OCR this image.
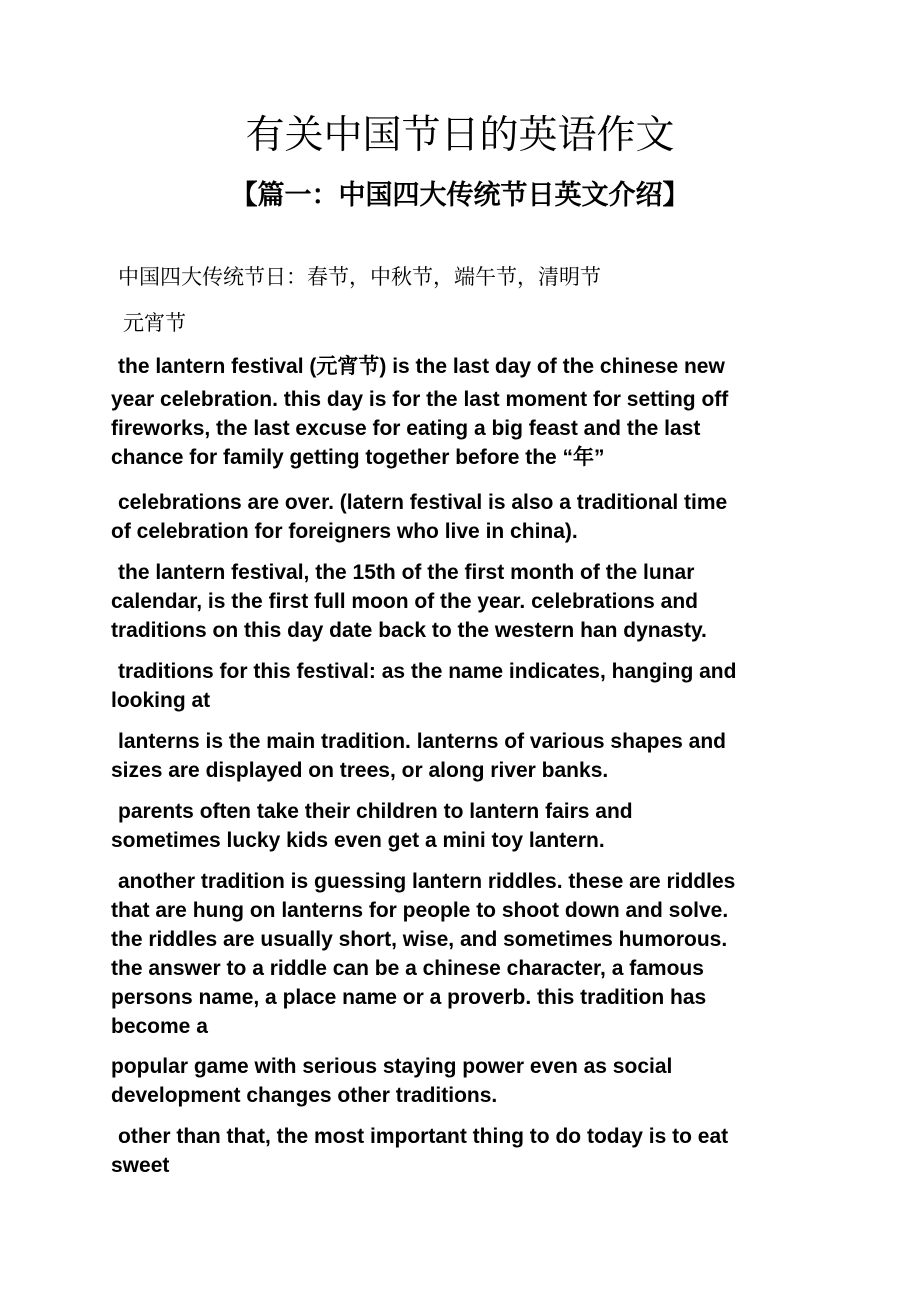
有关中国节日的英语作文
【篇一：中国四大传统节日英文介绍】

中国四大传统节日：春节，中秋节，端午节，清明节

元宵节

the lantern festival (元宵节) is the last day of the chinese new
year celebration. this day is for the last moment for setting off
fireworks, the last excuse for eating a big feast and the last
chance for family getting together before the “年”

celebrations are over. (latern festival is also a traditional time
of celebration for foreigners who live in china).

the lantern festival, the 15th of the first month of the lunar
calendar, is the first full moon of the year. celebrations and
traditions on this day date back to the western han dynasty.

traditions for this festival: as the name indicates, hanging and
looking at

lanterns is the main tradition. lanterns of various shapes and
sizes are displayed on trees, or along river banks.

parents often take their children to lantern fairs and
sometimes lucky kids even get a mini toy lantern.

another tradition is guessing lantern riddles. these are riddles
that are hung on lanterns for people to shoot down and solve.
the riddles are usually short, wise, and sometimes humorous.
the answer to a riddle can be a chinese character, a famous
persons name, a place name or a proverb. this tradition has
become a

popular game with serious staying power even as social
development changes other traditions.

other than that, the most important thing to do today is to eat
sweet
